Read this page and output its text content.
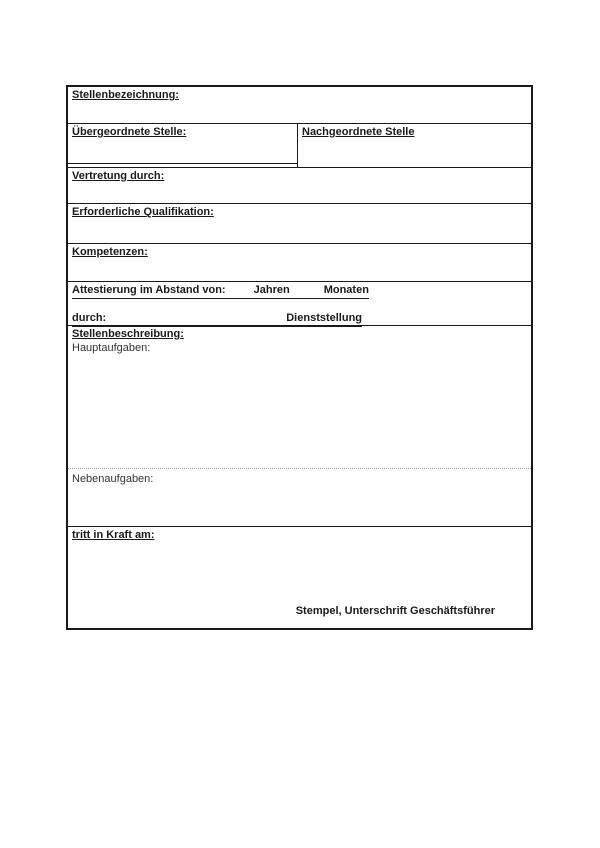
Stellenbezeichnung:
Übergeordnete Stelle:	Nachgeordnete Stelle
Vertretung durch:
Erforderliche Qualifikation:
Kompetenzen:
Attestierung im Abstand von:	Jahren	Monaten
durch:	Dienststellung
Stellenbeschreibung:
Hauptaufgaben:
Nebenaufgaben:
tritt in Kraft am:
Stempel, Unterschrift Geschäftsführer
